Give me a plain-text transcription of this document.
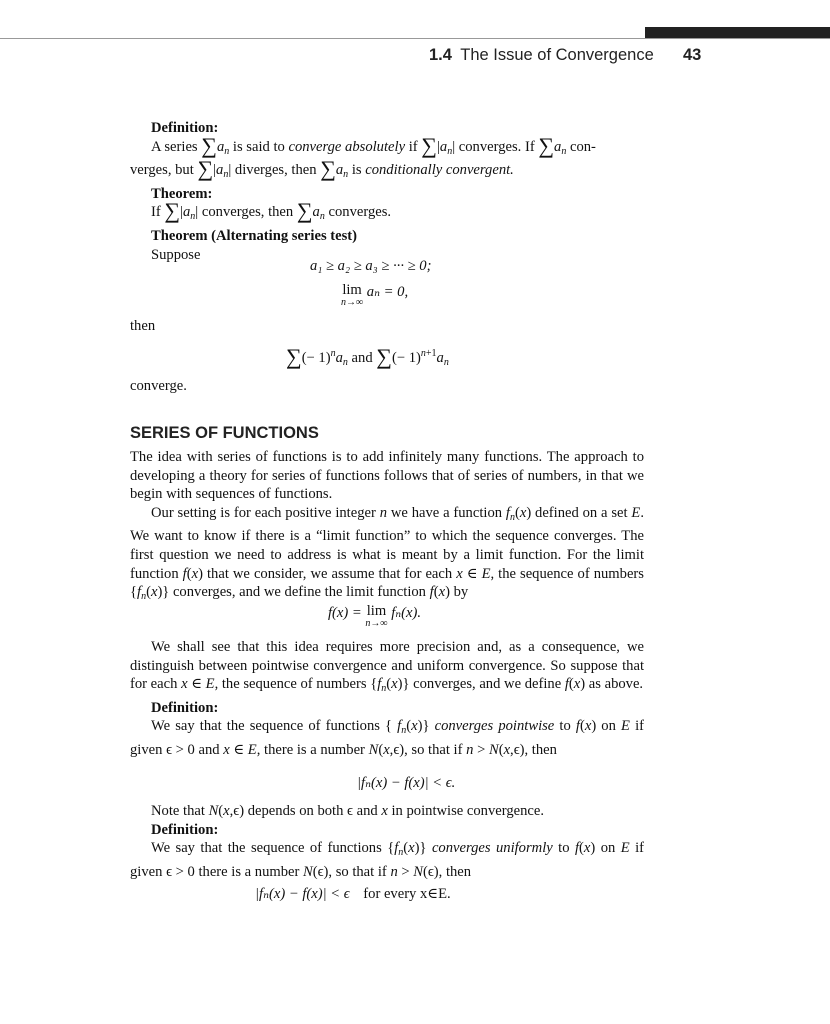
1.4 The Issue of Convergence 43
Definition:
A series $\sum a_n$ is said to converge absolutely if $\sum|a_n|$ converges. If $\sum a_n$ con-
verges, but $\sum|a_n|$ diverges, then $\sum a_n$ is conditionally convergent.
Theorem:
If $\sum|a_n|$ converges, then $\sum a_n$ converges.
Theorem (Alternating series test)
Suppose
a₁ ≥ a₂ ≥ a₃ ≥ ··· ≥ 0;
lim
n→∞
aₙ = 0,
then
∑(− $1)^na_n$ and ∑(− $1)^{n+1}a_n$
converge.
SERIES OF FUNCTIONS
The idea with series of functions is to add infinitely many functions. The approach to developing a theory for series of functions follows that of series of numbers, in that we begin with sequences of functions.
Our setting is for each positive integer n we have a function $f_n(x)$ defined on a set E. We want to know if there is a “limit function” to which the sequence converges. The first question we need to address is what is meant by a limit function. For the limit function f(x) that we consider, we assume that for each x ∈ E, the sequence of numbers $\{f_n(x)\}$ converges, and we define the limit function f(x) by
f(x) = lim
n→∞
fₙ(x).
We shall see that this idea requires more precision and, as a consequence, we distinguish between pointwise convergence and uniform convergence. So suppose that for each x ∈ E, the sequence of numbers $\{f_n(x)\}$ converges, and we define f(x) as above.
Definition:
We say that the sequence of functions { $f_n(x)$} converges pointwise to f(x) on E if given ϵ > 0 and x ∈ E, there is a number N(x,ϵ), so that if n > N(x,ϵ), then
|fₙ(x) − f(x)| < ϵ.
Note that N(x,ϵ) depends on both ϵ and x in pointwise convergence.
Definition:
We say that the sequence of functions $\{f_n(x)\}$ converges uniformly to f(x) on E if given ϵ > 0 there is a number N(ϵ), so that if n > N(ϵ), then
|fₙ(x) − f(x)| < ϵ for every x∈E.
